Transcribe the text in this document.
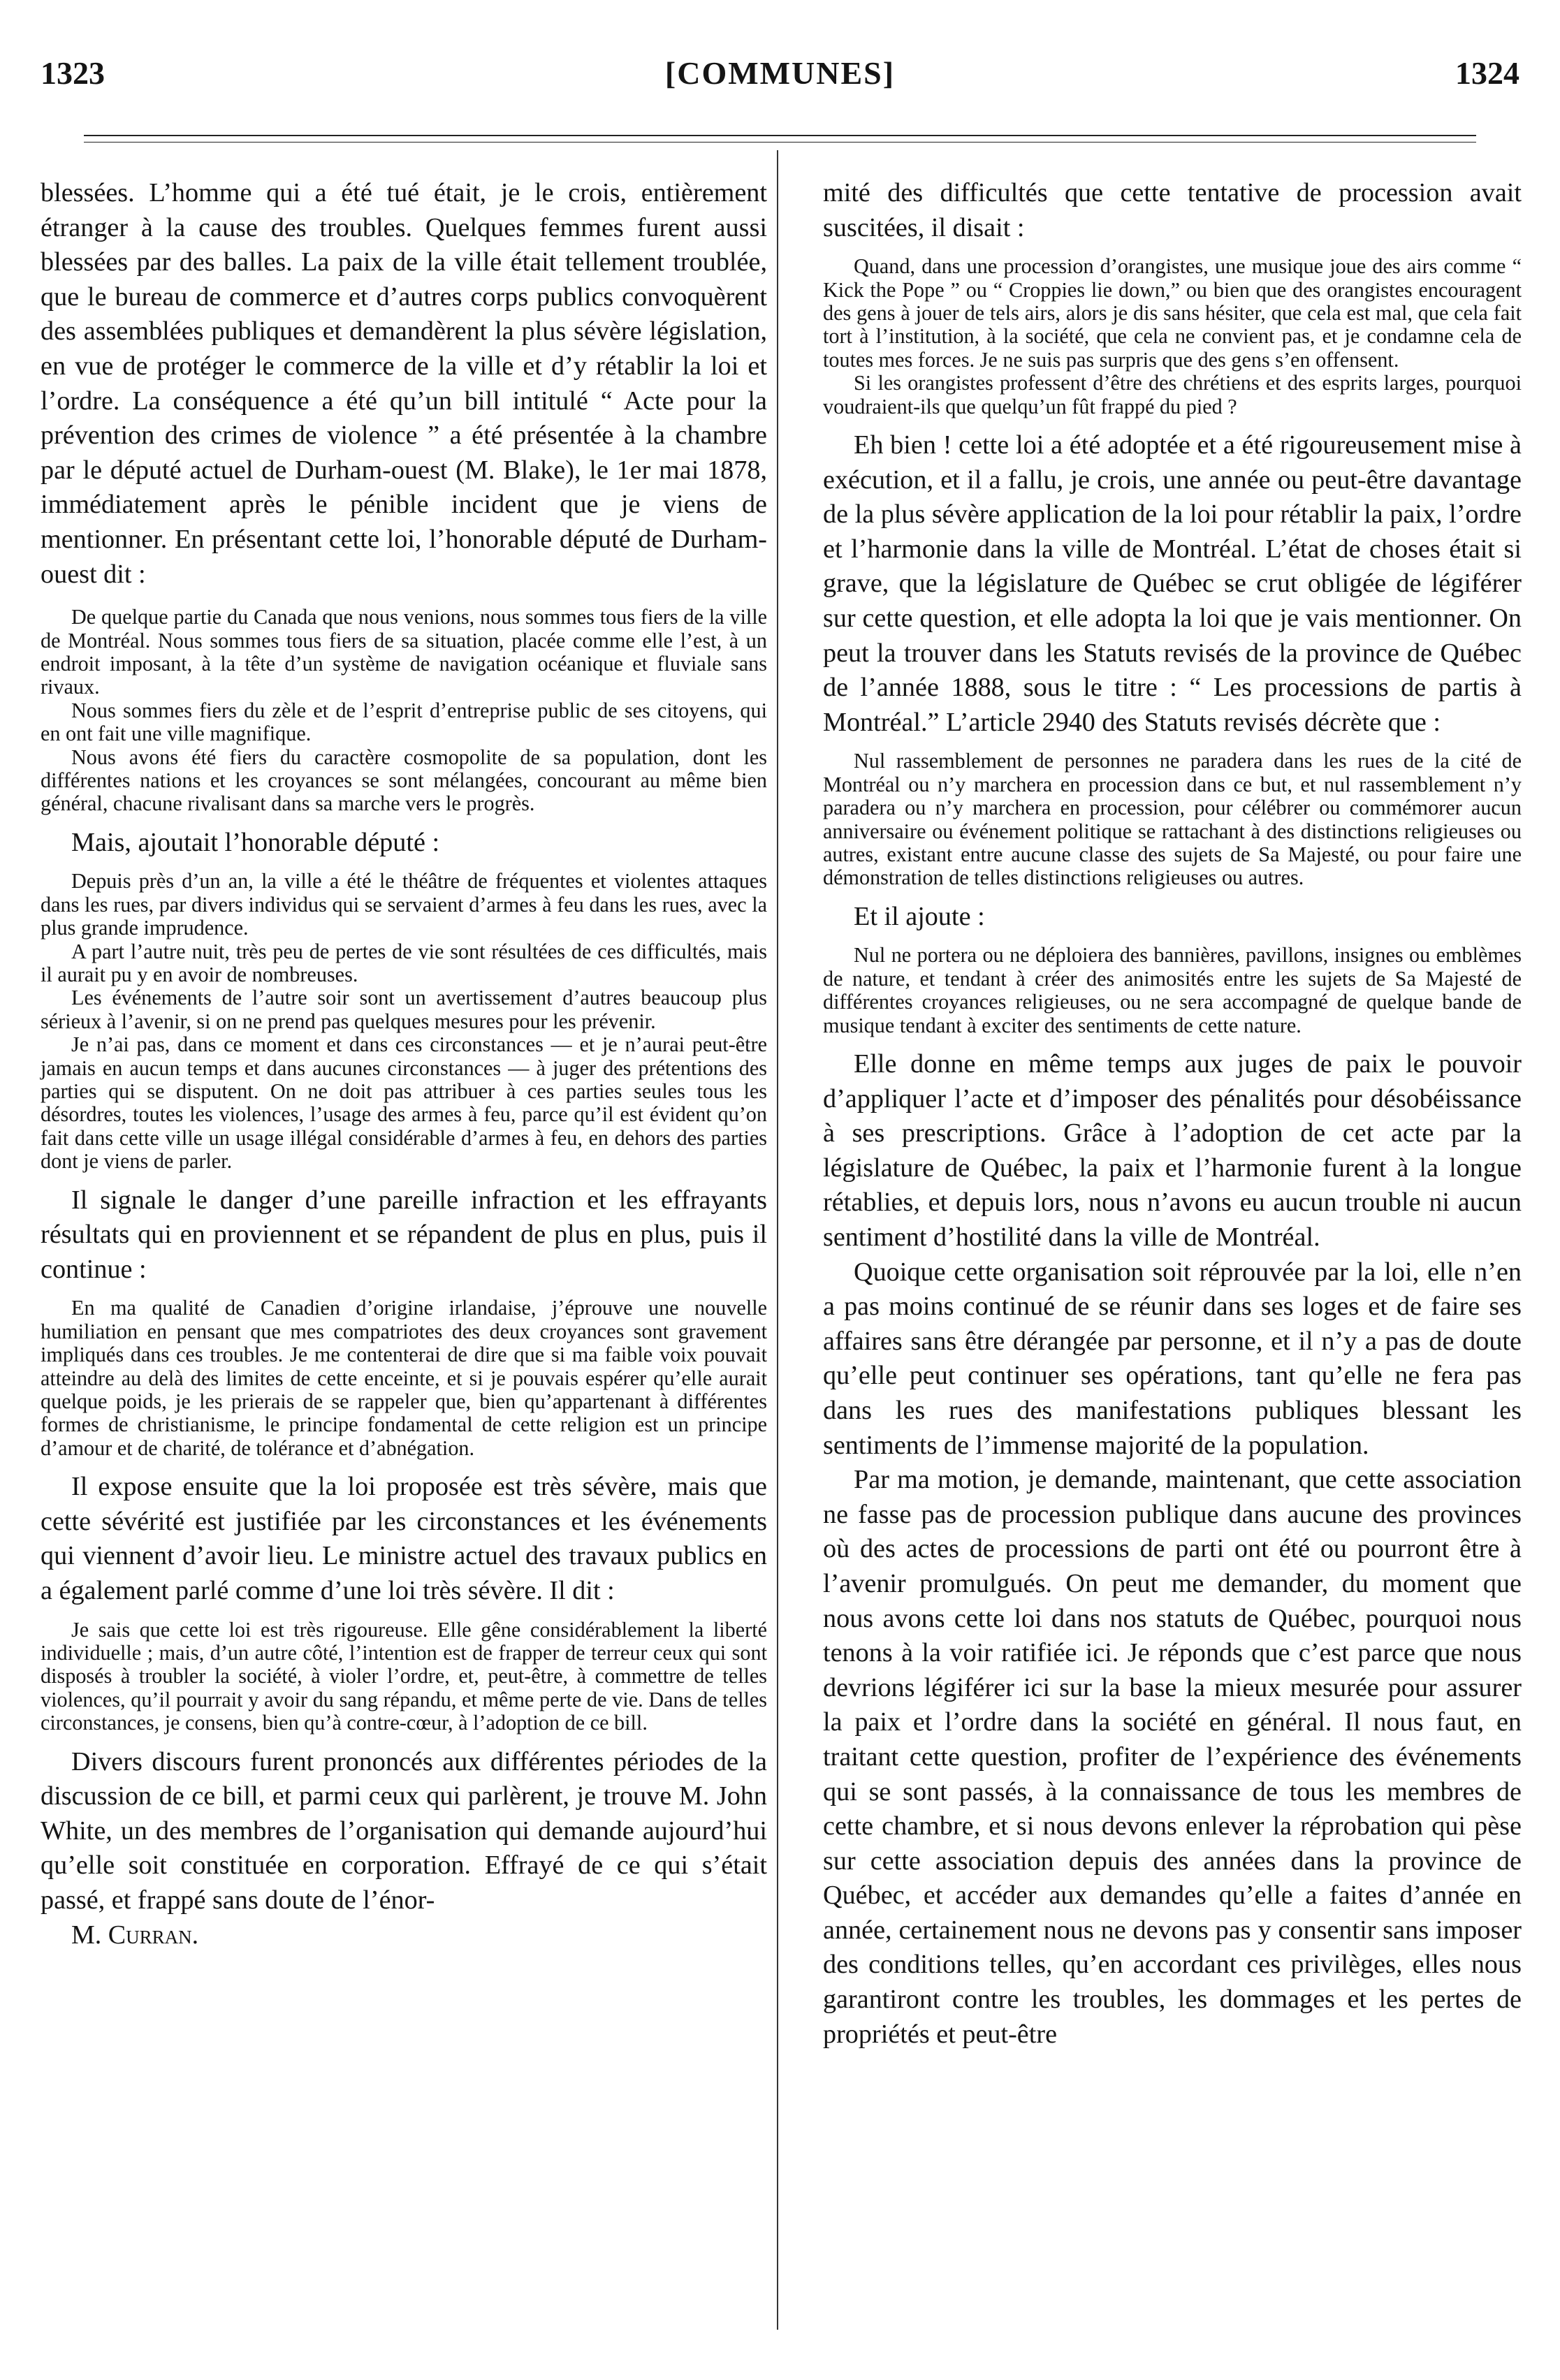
1323	[COMMUNES]	1324

blessées. L’homme qui a été tué était, je le crois, entièrement étranger à la cause des troubles. Quelques femmes furent aussi blessées par des balles. La paix de la ville était tellement troublée, que le bureau de commerce et d’autres corps publics convoquèrent des assemblées publiques et demandèrent la plus sévère législation, en vue de protéger le commerce de la ville et d’y rétablir la loi et l’ordre. La conséquence a été qu’un bill intitulé “ Acte pour la prévention des crimes de violence ” a été présentée à la chambre par le député actuel de Durham-ouest (M. Blake), le 1er mai 1878, immédiatement après le pénible incident que je viens de mentionner. En présentant cette loi, l’honorable député de Durham-ouest dit :

De quelque partie du Canada que nous venions, nous sommes tous fiers de la ville de Montréal. Nous sommes tous fiers de sa situation, placée comme elle l’est, à un endroit imposant, à la tête d’un système de navigation océanique et fluviale sans rivaux.

Nous sommes fiers du zèle et de l’esprit d’entreprise public de ses citoyens, qui en ont fait une ville magnifique.

Nous avons été fiers du caractère cosmopolite de sa population, dont les différentes nations et les croyances se sont mélangées, concourant au même bien général, chacune rivalisant dans sa marche vers le progrès.

Mais, ajoutait l’honorable député :

Depuis près d’un an, la ville a été le théâtre de fréquentes et violentes attaques dans les rues, par divers individus qui se servaient d’armes à feu dans les rues, avec la plus grande imprudence.

A part l’autre nuit, très peu de pertes de vie sont résultées de ces difficultés, mais il aurait pu y en avoir de nombreuses.

Les événements de l’autre soir sont un avertissement d’autres beaucoup plus sérieux à l’avenir, si on ne prend pas quelques mesures pour les prévenir.

Je n’ai pas, dans ce moment et dans ces circonstances — et je n’aurai peut-être jamais en aucun temps et dans aucunes circonstances — à juger des prétentions des parties qui se disputent. On ne doit pas attribuer à ces parties seules tous les désordres, toutes les violences, l’usage des armes à feu, parce qu’il est évident qu’on fait dans cette ville un usage illégal considérable d’armes à feu, en dehors des parties dont je viens de parler.

Il signale le danger d’une pareille infraction et les effrayants résultats qui en proviennent et se répandent de plus en plus, puis il continue :

En ma qualité de Canadien d’origine irlandaise, j’éprouve une nouvelle humiliation en pensant que mes compatriotes des deux croyances sont gravement impliqués dans ces troubles. Je me contenterai de dire que si ma faible voix pouvait atteindre au delà des limites de cette enceinte, et si je pouvais espérer qu’elle aurait quelque poids, je les prierais de se rappeler que, bien qu’appartenant à différentes formes de christianisme, le principe fondamental de cette religion est un principe d’amour et de charité, de tolérance et d’abnégation.

Il expose ensuite que la loi proposée est très sévère, mais que cette sévérité est justifiée par les circonstances et les événements qui viennent d’avoir lieu. Le ministre actuel des travaux publics en a également parlé comme d’une loi très sévère. Il dit :

Je sais que cette loi est très rigoureuse. Elle gêne considérablement la liberté individuelle ; mais, d’un autre côté, l’intention est de frapper de terreur ceux qui sont disposés à troubler la société, à violer l’ordre, et, peut-être, à commettre de telles violences, qu’il pourrait y avoir du sang répandu, et même perte de vie. Dans de telles circonstances, je consens, bien qu’à contre-cœur, à l’adoption de ce bill.

Divers discours furent prononcés aux différentes périodes de la discussion de ce bill, et parmi ceux qui parlèrent, je trouve M. John White, un des membres de l’organisation qui demande aujourd’hui qu’elle soit constituée en corporation. Effrayé de ce qui s’était passé, et frappé sans doute de l’énor-

M. Curran.

mité des difficultés que cette tentative de procession avait suscitées, il disait :

Quand, dans une procession d’orangistes, une musique joue des airs comme “ Kick the Pope ” ou “ Croppies lie down,” ou bien que des orangistes encouragent des gens à jouer de tels airs, alors je dis sans hésiter, que cela est mal, que cela fait tort à l’institution, à la société, que cela ne convient pas, et je condamne cela de toutes mes forces. Je ne suis pas surpris que des gens s’en offensent.

Si les orangistes professent d’être des chrétiens et des esprits larges, pourquoi voudraient-ils que quelqu’un fût frappé du pied ?

Eh bien ! cette loi a été adoptée et a été rigoureusement mise à exécution, et il a fallu, je crois, une année ou peut-être davantage de la plus sévère application de la loi pour rétablir la paix, l’ordre et l’harmonie dans la ville de Montréal. L’état de choses était si grave, que la législature de Québec se crut obligée de légiférer sur cette question, et elle adopta la loi que je vais mentionner. On peut la trouver dans les Statuts revisés de la province de Québec de l’année 1888, sous le titre : “ Les processions de partis à Montréal.” L’article 2940 des Statuts revisés décrète que :

Nul rassemblement de personnes ne paradera dans les rues de la cité de Montréal ou n’y marchera en procession dans ce but, et nul rassemblement n’y paradera ou n’y marchera en procession, pour célébrer ou commémorer aucun anniversaire ou événement politique se rattachant à des distinctions religieuses ou autres, existant entre aucune classe des sujets de Sa Majesté, ou pour faire une démonstration de telles distinctions religieuses ou autres.

Et il ajoute :

Nul ne portera ou ne déploiera des bannières, pavillons, insignes ou emblèmes de nature, et tendant à créer des animosités entre les sujets de Sa Majesté de différentes croyances religieuses, ou ne sera accompagné de quelque bande de musique tendant à exciter des sentiments de cette nature.

Elle donne en même temps aux juges de paix le pouvoir d’appliquer l’acte et d’imposer des pénalités pour désobéissance à ses prescriptions. Grâce à l’adoption de cet acte par la législature de Québec, la paix et l’harmonie furent à la longue rétablies, et depuis lors, nous n’avons eu aucun trouble ni aucun sentiment d’hostilité dans la ville de Montréal.

Quoique cette organisation soit réprouvée par la loi, elle n’en a pas moins continué de se réunir dans ses loges et de faire ses affaires sans être dérangée par personne, et il n’y a pas de doute qu’elle peut continuer ses opérations, tant qu’elle ne fera pas dans les rues des manifestations publiques blessant les sentiments de l’immense majorité de la population.

Par ma motion, je demande, maintenant, que cette association ne fasse pas de procession publique dans aucune des provinces où des actes de processions de parti ont été ou pourront être à l’avenir promulgués. On peut me demander, du moment que nous avons cette loi dans nos statuts de Québec, pourquoi nous tenons à la voir ratifiée ici. Je réponds que c’est parce que nous devrions légiférer ici sur la base la mieux mesurée pour assurer la paix et l’ordre dans la société en général. Il nous faut, en traitant cette question, profiter de l’expérience des événements qui se sont passés, à la connaissance de tous les membres de cette chambre, et si nous devons enlever la réprobation qui pèse sur cette association depuis des années dans la province de Québec, et accéder aux demandes qu’elle a faites d’année en année, certainement nous ne devons pas y consentir sans imposer des conditions telles, qu’en accordant ces privilèges, elles nous garantiront contre les troubles, les dommages et les pertes de propriétés et peut-être
